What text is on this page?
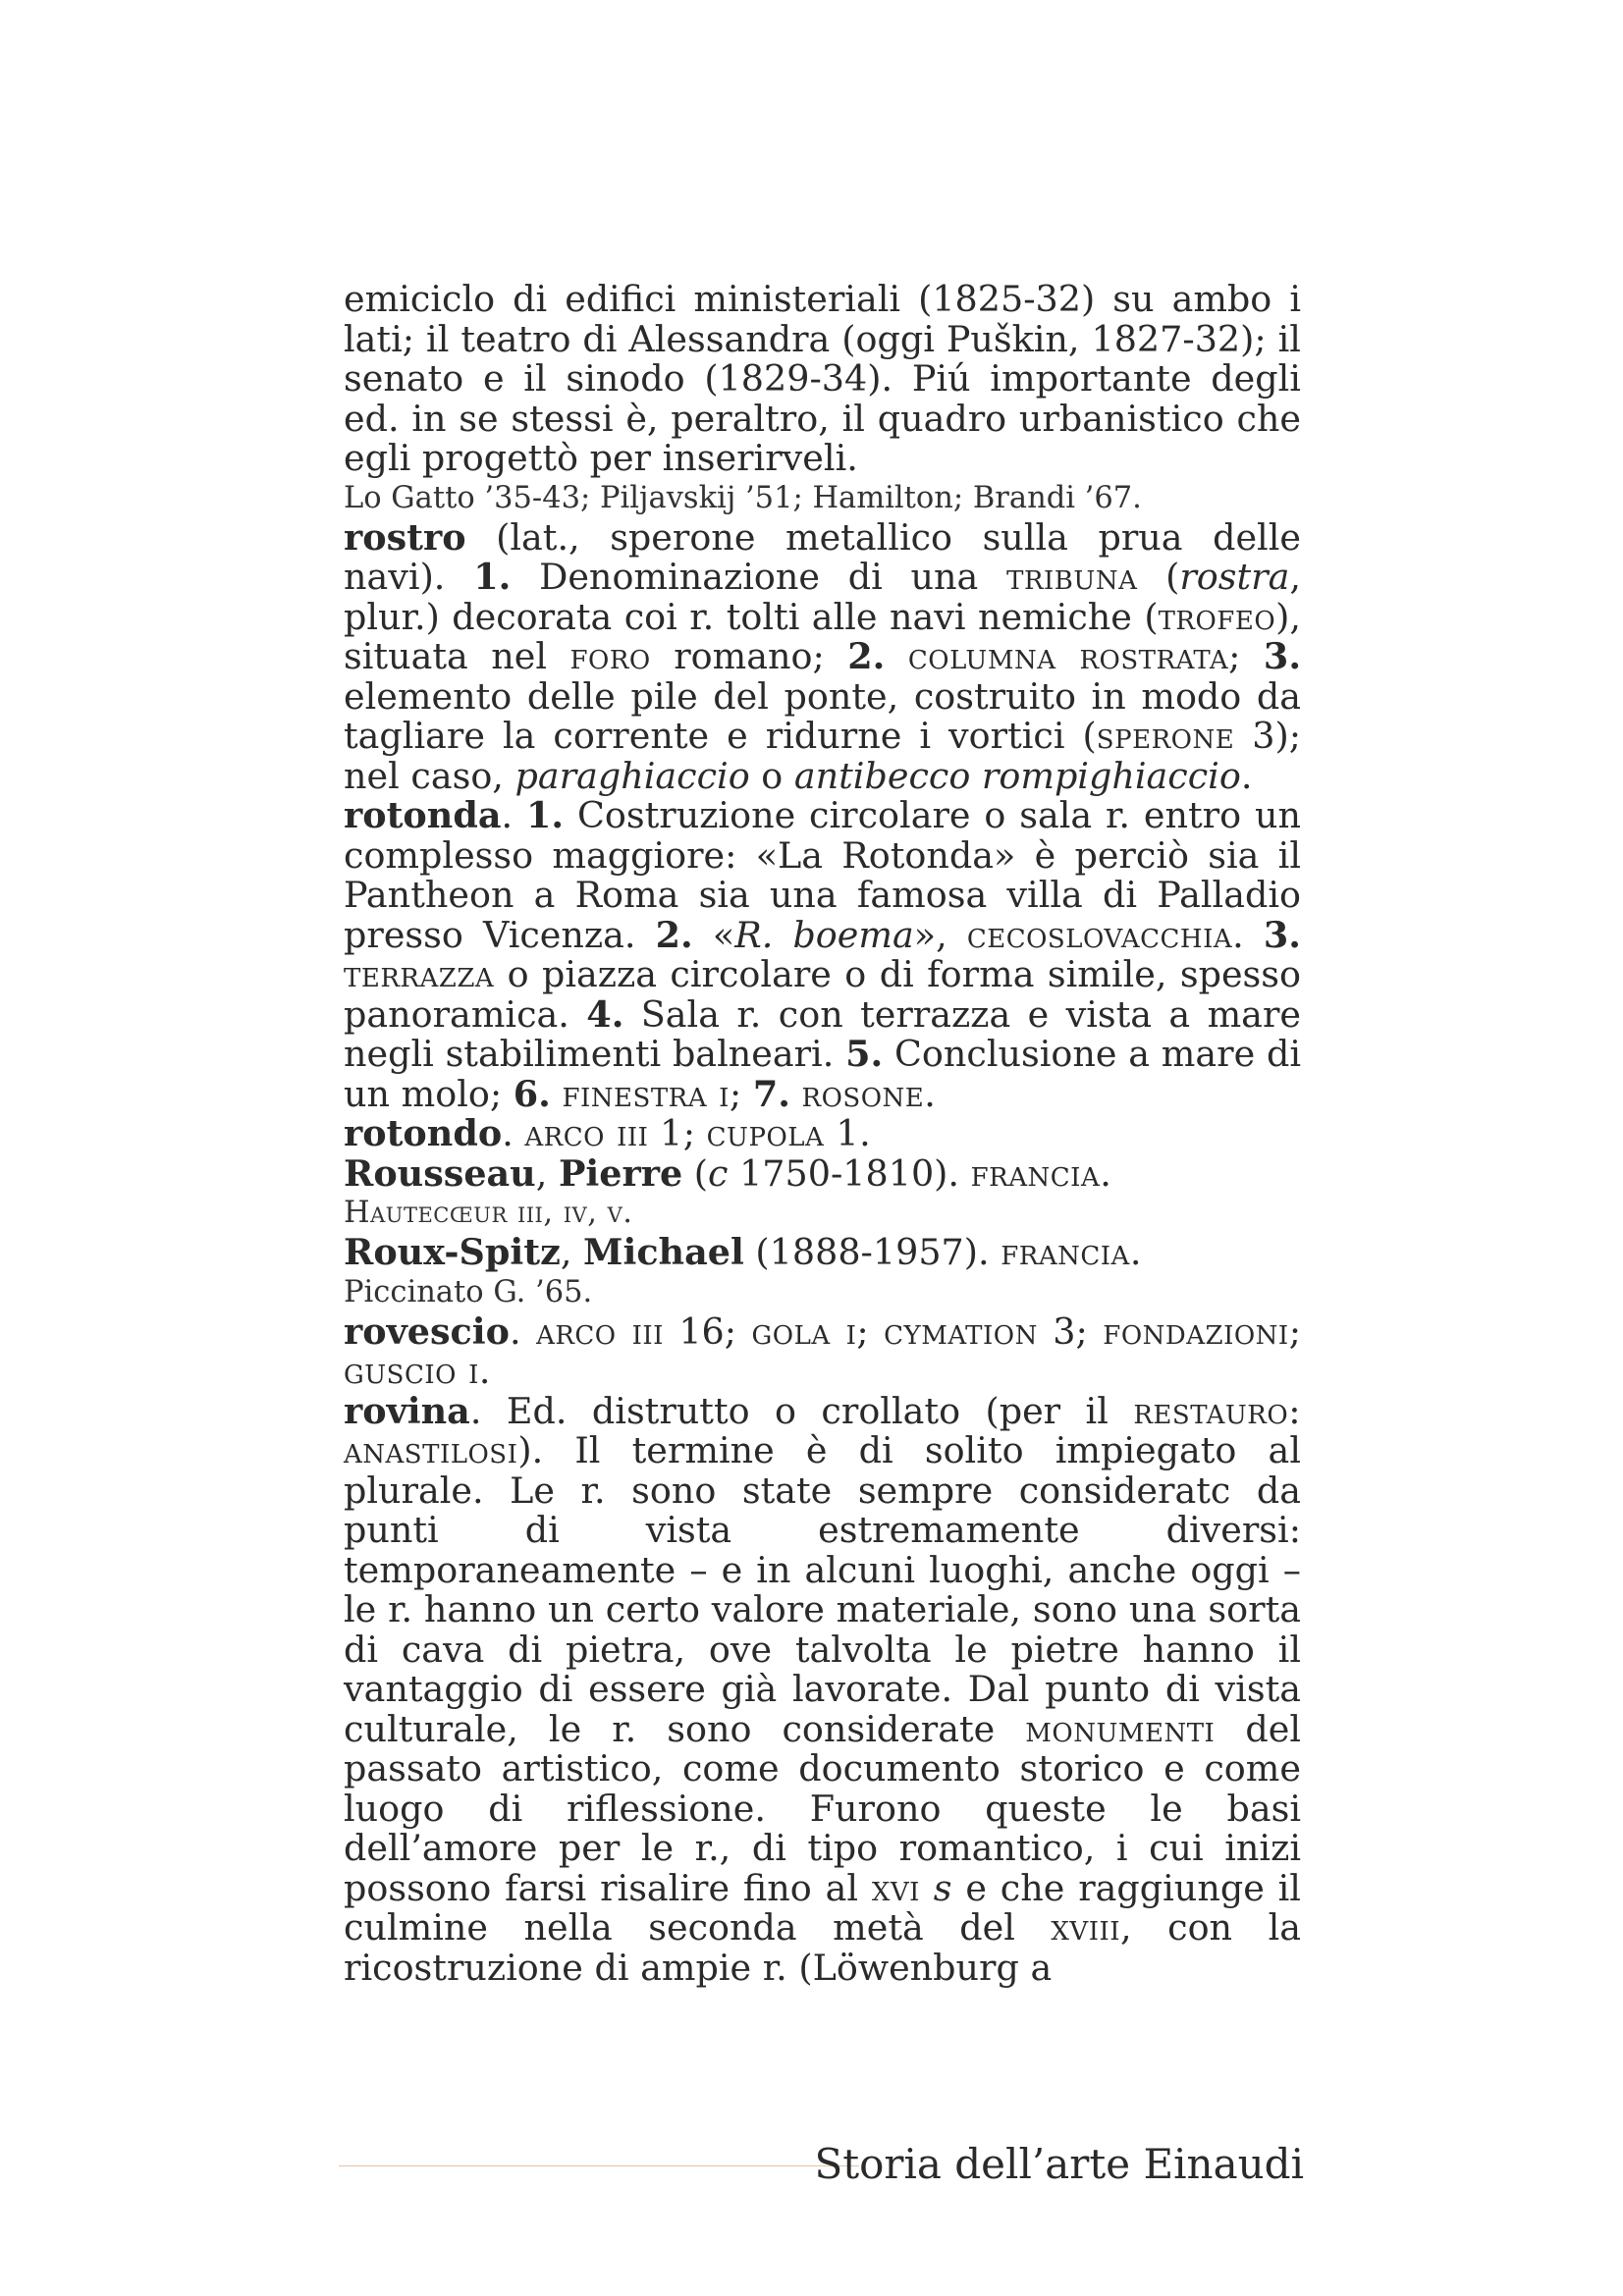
emiciclo di edifici ministeriali (1825-32) su ambo i lati; il teatro di Alessandra (oggi Puškin, 1827-32); il senato e il sinodo (1829-34). Piú importante degli ed. in se stessi è, peraltro, il quadro urbanistico che egli progettò per inserirveli.

Lo Gatto ’35-43; Piljavskij ’51; Hamilton; Brandi ’67.

rostro (lat., sperone metallico sulla prua delle navi). 1. Denominazione di una tribuna (rostra, plur.) decorata coi r. tolti alle navi nemiche (trofeo), situata nel foro romano; 2. columna rostrata; 3. elemento delle pile del ponte, costruito in modo da tagliare la corrente e ridurne i vortici (sperone 3); nel caso, paraghiaccio o antibecco rompighiaccio.

rotonda. 1. Costruzione circolare o sala r. entro un complesso maggiore: «La Rotonda» è perciò sia il Pantheon a Roma sia una famosa villa di Palladio presso Vicenza. 2. «R. boema», cecoslovacchia. 3. terrazza o piazza circolare o di forma simile, spesso panoramica. 4. Sala r. con terrazza e vista a mare negli stabilimenti balneari. 5. Conclusione a mare di un molo; 6. finestra i; 7. rosone.

rotondo. arco iii 1; cupola 1.

Rousseau, Pierre (c 1750-1810). francia.

Hautecœur iii, iv, v.

Roux-Spitz, Michael (1888-1957). francia.

Piccinato G. ’65.

rovescio. arco iii 16; gola i; cymation 3; fondazioni; guscio i.

rovina. Ed. distrutto o crollato (per il restauro: anastilosi). Il termine è di solito impiegato al plurale. Le r. sono state sempre consideratc da punti di vista estremamente diversi: temporaneamente – e in alcuni luoghi, anche oggi – le r. hanno un certo valore materiale, sono una sorta di cava di pietra, ove talvolta le pietre hanno il vantaggio di essere già lavorate. Dal punto di vista culturale, le r. sono considerate monumenti del passato artistico, come documento storico e come luogo di riflessione. Furono queste le basi dell’amore per le r., di tipo romantico, i cui inizi possono farsi risalire fino al xvi s e che raggiunge il culmine nella seconda metà del xviii, con la ricostruzione di ampie r. (Löwenburg a

Storia dell’arte Einaudi
